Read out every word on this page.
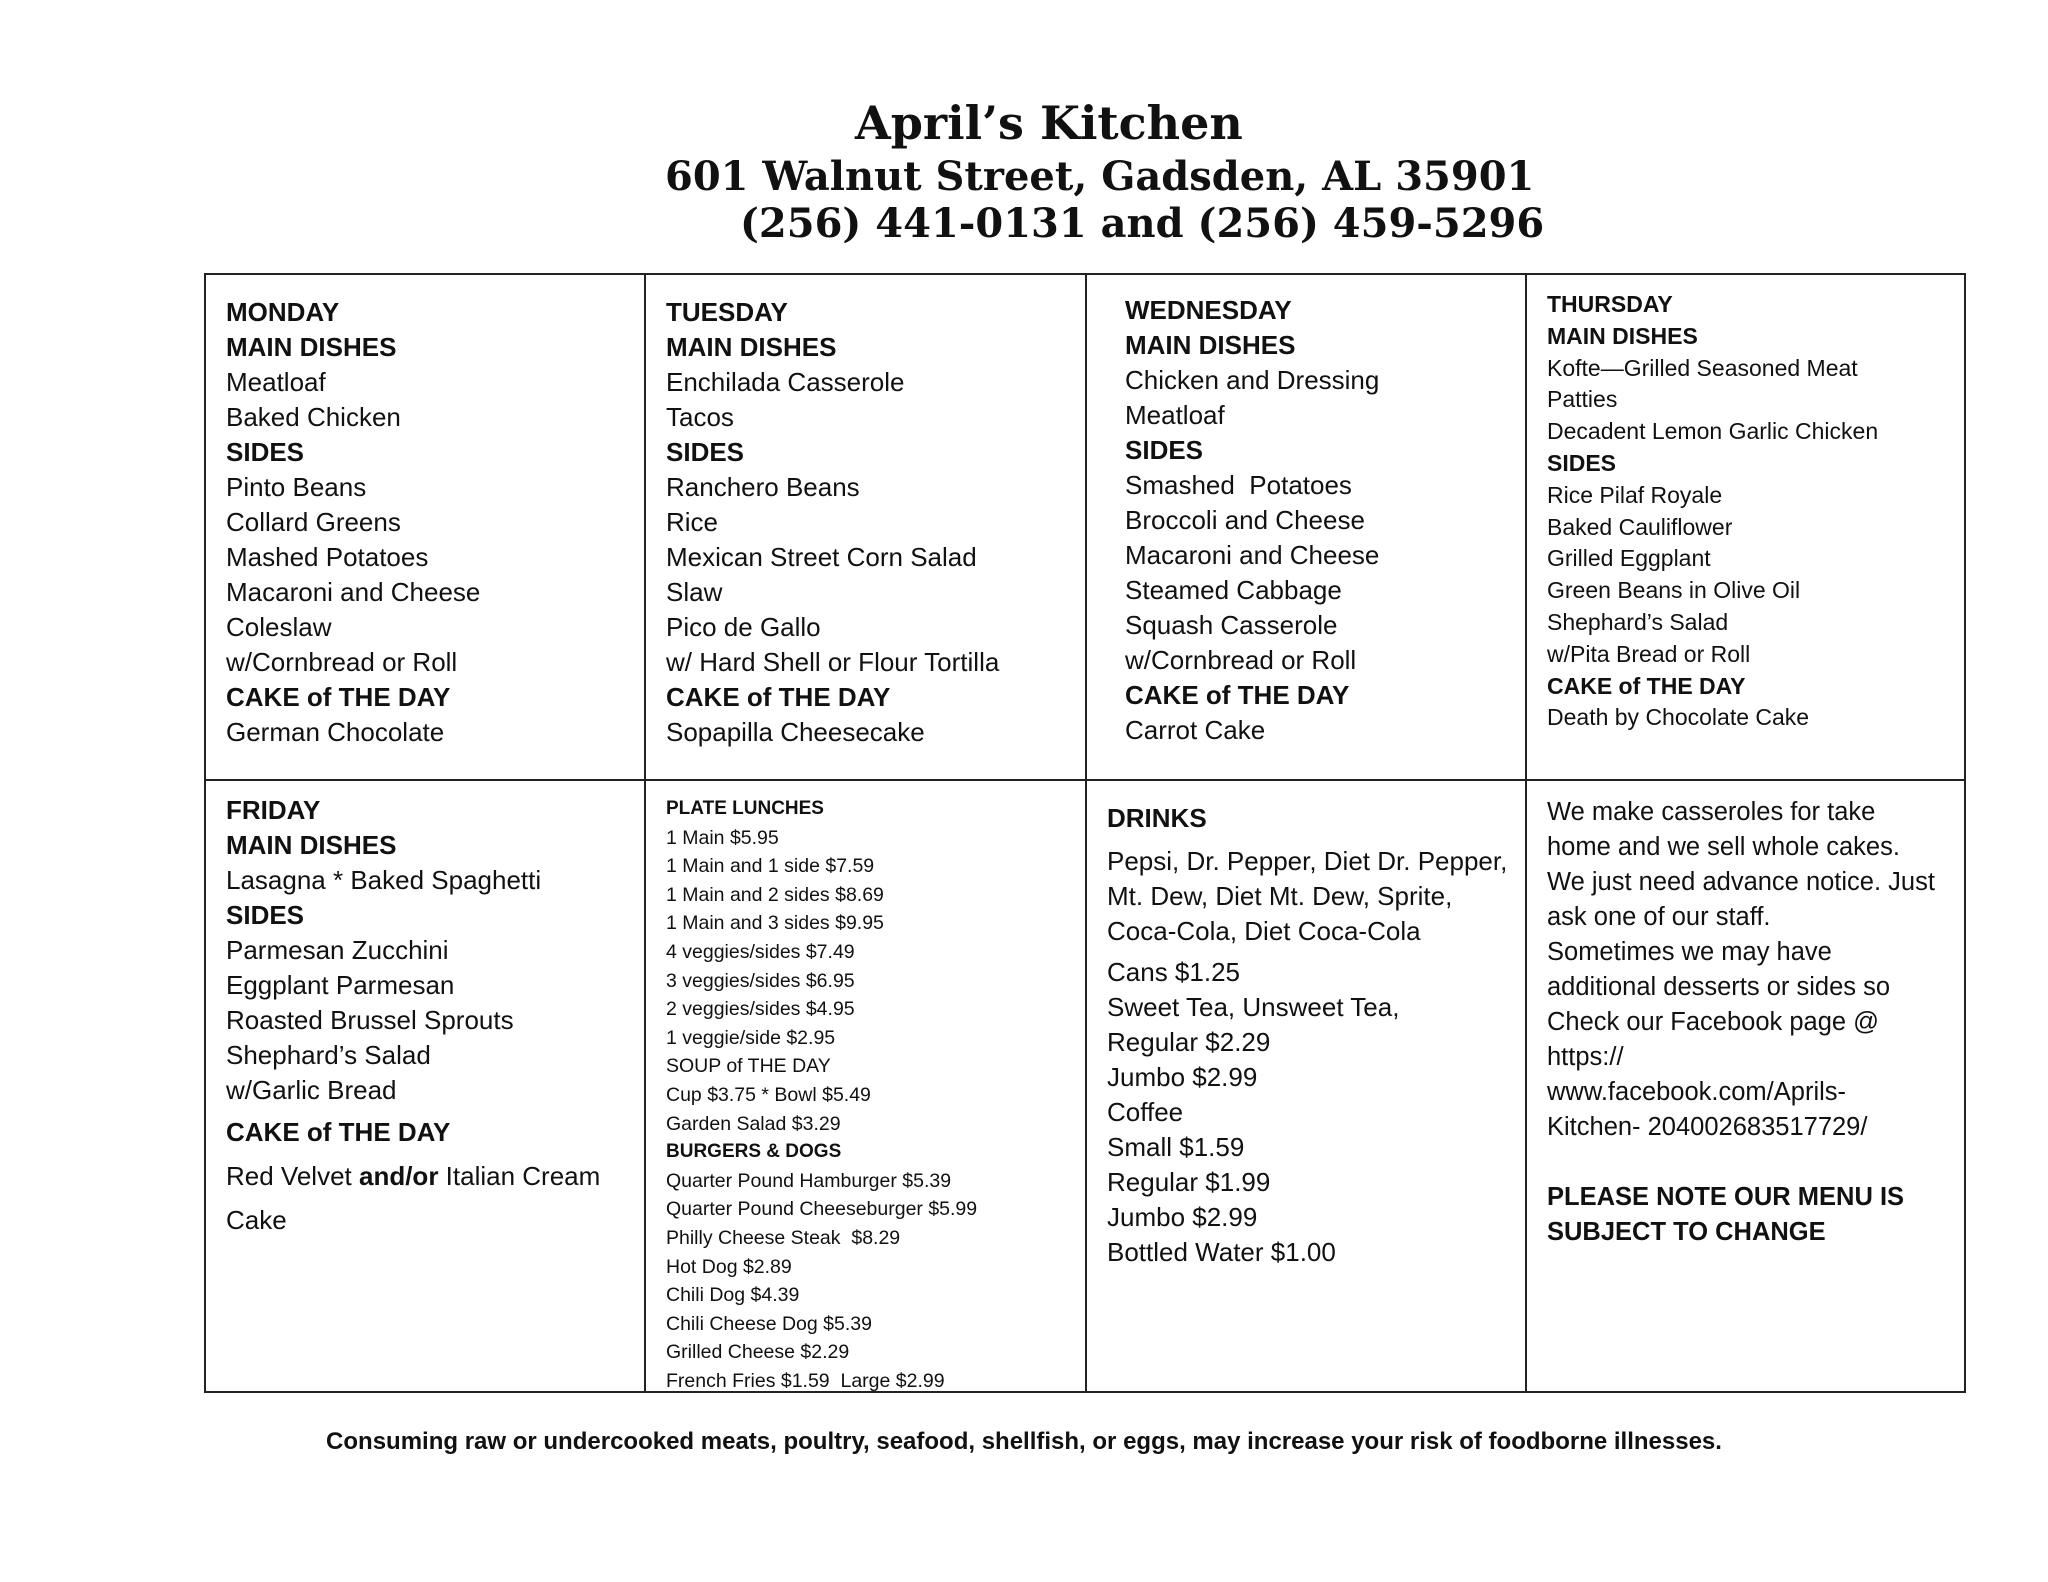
April’s Kitchen
601 Walnut Street, Gadsden, AL 35901
(256) 441-0131 and (256) 459-5296
MONDAY
MAIN DISHES
Meatloaf
Baked Chicken
SIDES
Pinto Beans
Collard Greens
Mashed Potatoes
Macaroni and Cheese
Coleslaw
w/Cornbread or Roll
CAKE of THE DAY
German Chocolate
TUESDAY
MAIN DISHES
Enchilada Casserole
Tacos
SIDES
Ranchero Beans
Rice
Mexican Street Corn Salad
Slaw
Pico de Gallo
w/ Hard Shell or Flour Tortilla
CAKE of THE DAY
Sopapilla Cheesecake
WEDNESDAY
MAIN DISHES
Chicken and Dressing
Meatloaf
SIDES
Smashed  Potatoes
Broccoli and Cheese
Macaroni and Cheese
Steamed Cabbage
Squash Casserole
w/Cornbread or Roll
CAKE of THE DAY
Carrot Cake
THURSDAY
MAIN DISHES
Kofte—Grilled Seasoned Meat
Patties
Decadent Lemon Garlic Chicken
SIDES
Rice Pilaf Royale
Baked Cauliflower
Grilled Eggplant
Green Beans in Olive Oil
Shephard’s Salad
w/Pita Bread or Roll
CAKE of THE DAY
Death by Chocolate Cake
FRIDAY
MAIN DISHES
Lasagna * Baked Spaghetti
SIDES
Parmesan Zucchini
Eggplant Parmesan
Roasted Brussel Sprouts
Shephard’s Salad
w/Garlic Bread
CAKE of THE DAY
Red Velvet and/or Italian Cream
Cake
PLATE LUNCHES
1 Main $5.95
1 Main and 1 side $7.59
1 Main and 2 sides $8.69
1 Main and 3 sides $9.95
4 veggies/sides $7.49
3 veggies/sides $6.95
2 veggies/sides $4.95
1 veggie/side $2.95
SOUP of THE DAY
Cup $3.75 * Bowl $5.49
Garden Salad $3.29
BURGERS & DOGS
Quarter Pound Hamburger $5.39
Quarter Pound Cheeseburger $5.99
Philly Cheese Steak  $8.29
Hot Dog $2.89
Chili Dog $4.39
Chili Cheese Dog $5.39
Grilled Cheese $2.29
French Fries $1.59  Large $2.99
DRINKS
Pepsi, Dr. Pepper, Diet Dr. Pepper,
Mt. Dew, Diet Mt. Dew, Sprite,
Coca-Cola, Diet Coca-Cola
Cans $1.25
Sweet Tea, Unsweet Tea,
Regular $2.29
Jumbo $2.99
Coffee
Small $1.59
Regular $1.99
Jumbo $2.99
Bottled Water $1.00
We make casseroles for take
home and we sell whole cakes.
We just need advance notice. Just
ask one of our staff.
Sometimes we may have
additional desserts or sides so
Check our Facebook page @
https://
www.facebook.com/Aprils-
Kitchen- 204002683517729/

PLEASE NOTE OUR MENU IS
SUBJECT TO CHANGE
Consuming raw or undercooked meats, poultry, seafood, shellfish, or eggs, may increase your risk of foodborne illnesses.
